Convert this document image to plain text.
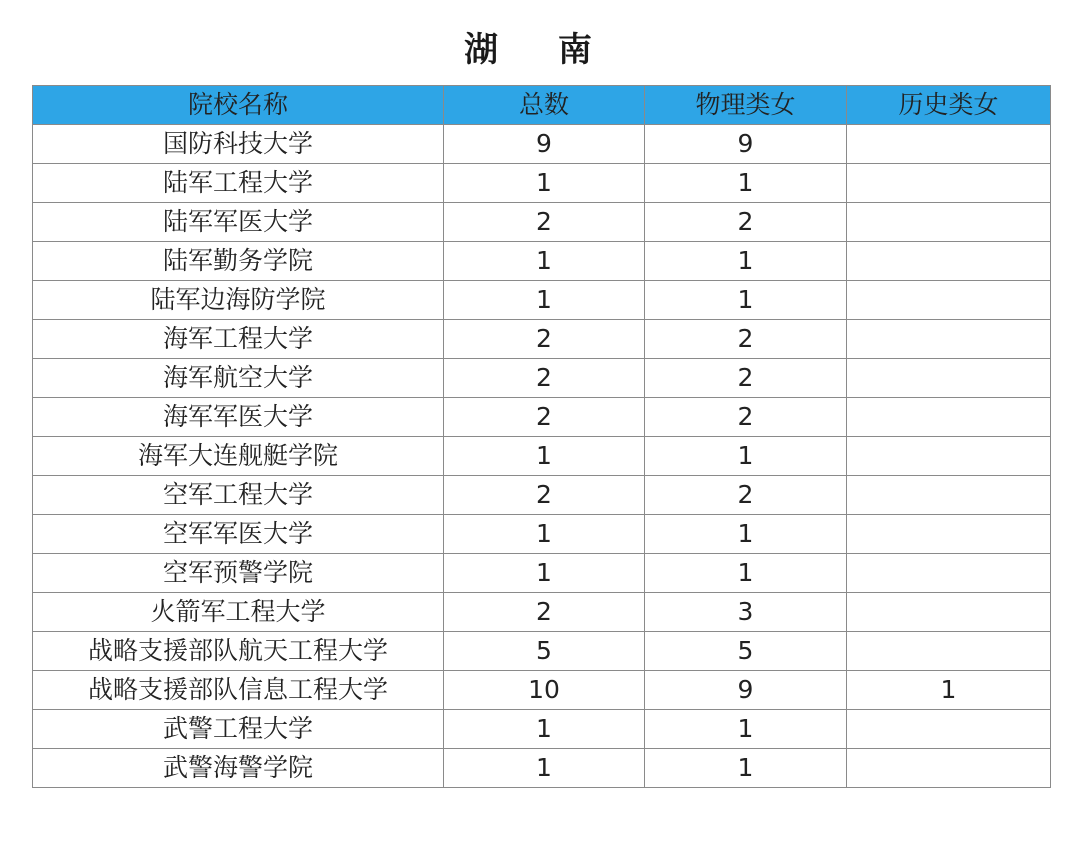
湖 南
院校名称	总数	物理类女	历史类女
国防科技大学	9	9	
陆军工程大学	1	1	
陆军军医大学	2	2	
陆军勤务学院	1	1	
陆军边海防学院	1	1	
海军工程大学	2	2	
海军航空大学	2	2	
海军军医大学	2	2	
海军大连舰艇学院	1	1	
空军工程大学	2	2	
空军军医大学	1	1	
空军预警学院	1	1	
火箭军工程大学	2	3	
战略支援部队航天工程大学	5	5	
战略支援部队信息工程大学	10	9	1
武警工程大学	1	1	
武警海警学院	1	1	
